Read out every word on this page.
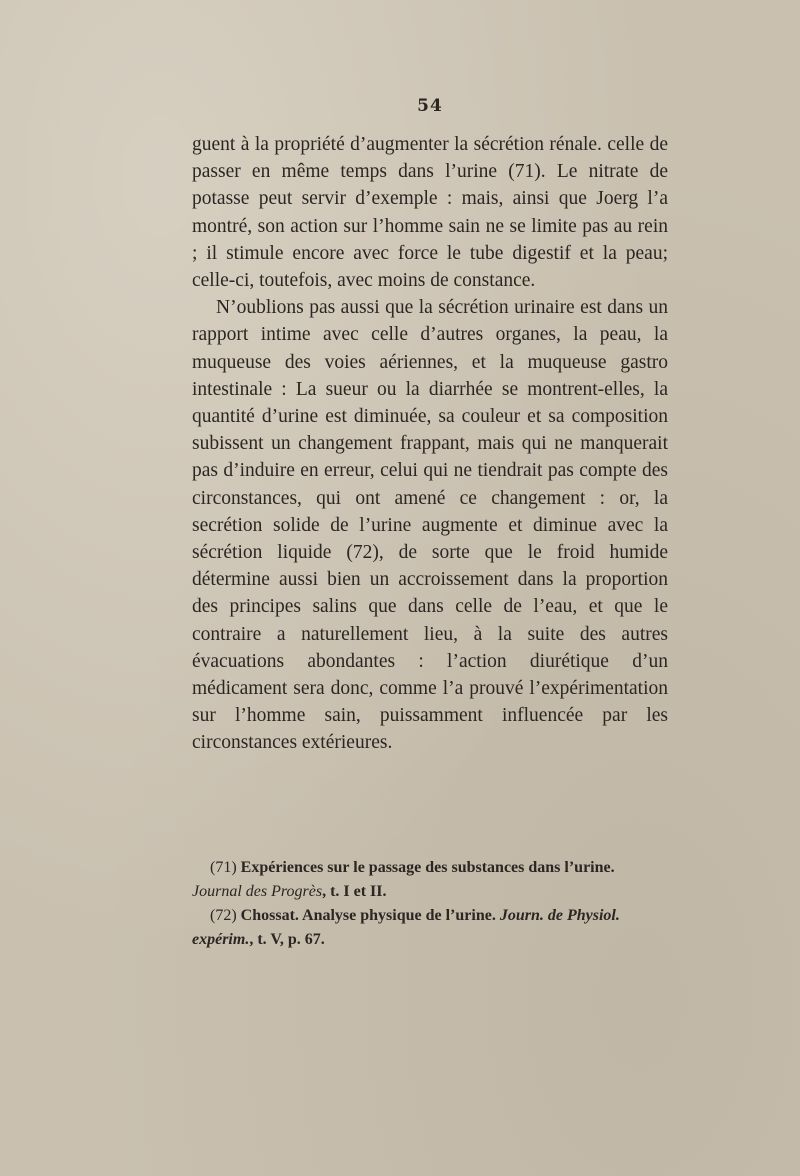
54

guent à la propriété d’augmenter la sécrétion rénale. celle de passer en même temps dans l’urine (71). Le nitrate de potasse peut servir d’exemple : mais, ainsi que Joerg l’a montré, son action sur l’homme sain ne se limite pas au rein ; il stimule encore avec force le tube digestif et la peau; celle-ci, toutefois, avec moins de constance.

N’oublions pas aussi que la sécrétion urinaire est dans un rapport intime avec celle d’autres organes, la peau, la muqueuse des voies aériennes, et la muqueuse gastro intestinale : La sueur ou la diarrhée se montrent-elles, la quantité d’urine est diminuée, sa couleur et sa composition subissent un changement frappant, mais qui ne manquerait pas d’induire en erreur, celui qui ne tiendrait pas compte des circonstances, qui ont amené ce changement : or, la secrétion solide de l’urine augmente et diminue avec la sécrétion liquide (72), de sorte que le froid humide détermine aussi bien un accroissement dans la proportion des principes salins que dans celle de l’eau, et que le contraire a naturellement lieu, à la suite des autres évacuations abondantes : l’action diurétique d’un médicament sera donc, comme l’a prouvé l’expérimentation sur l’homme sain, puissamment influencée par les circonstances extérieures.

(71) Expériences sur le passage des substances dans l’urine.
Journal des Progrès, t. I et II.

(72) Chossat. Analyse physique de l’urine. Journ. de Physiol. expérim., t. V, p. 67.
